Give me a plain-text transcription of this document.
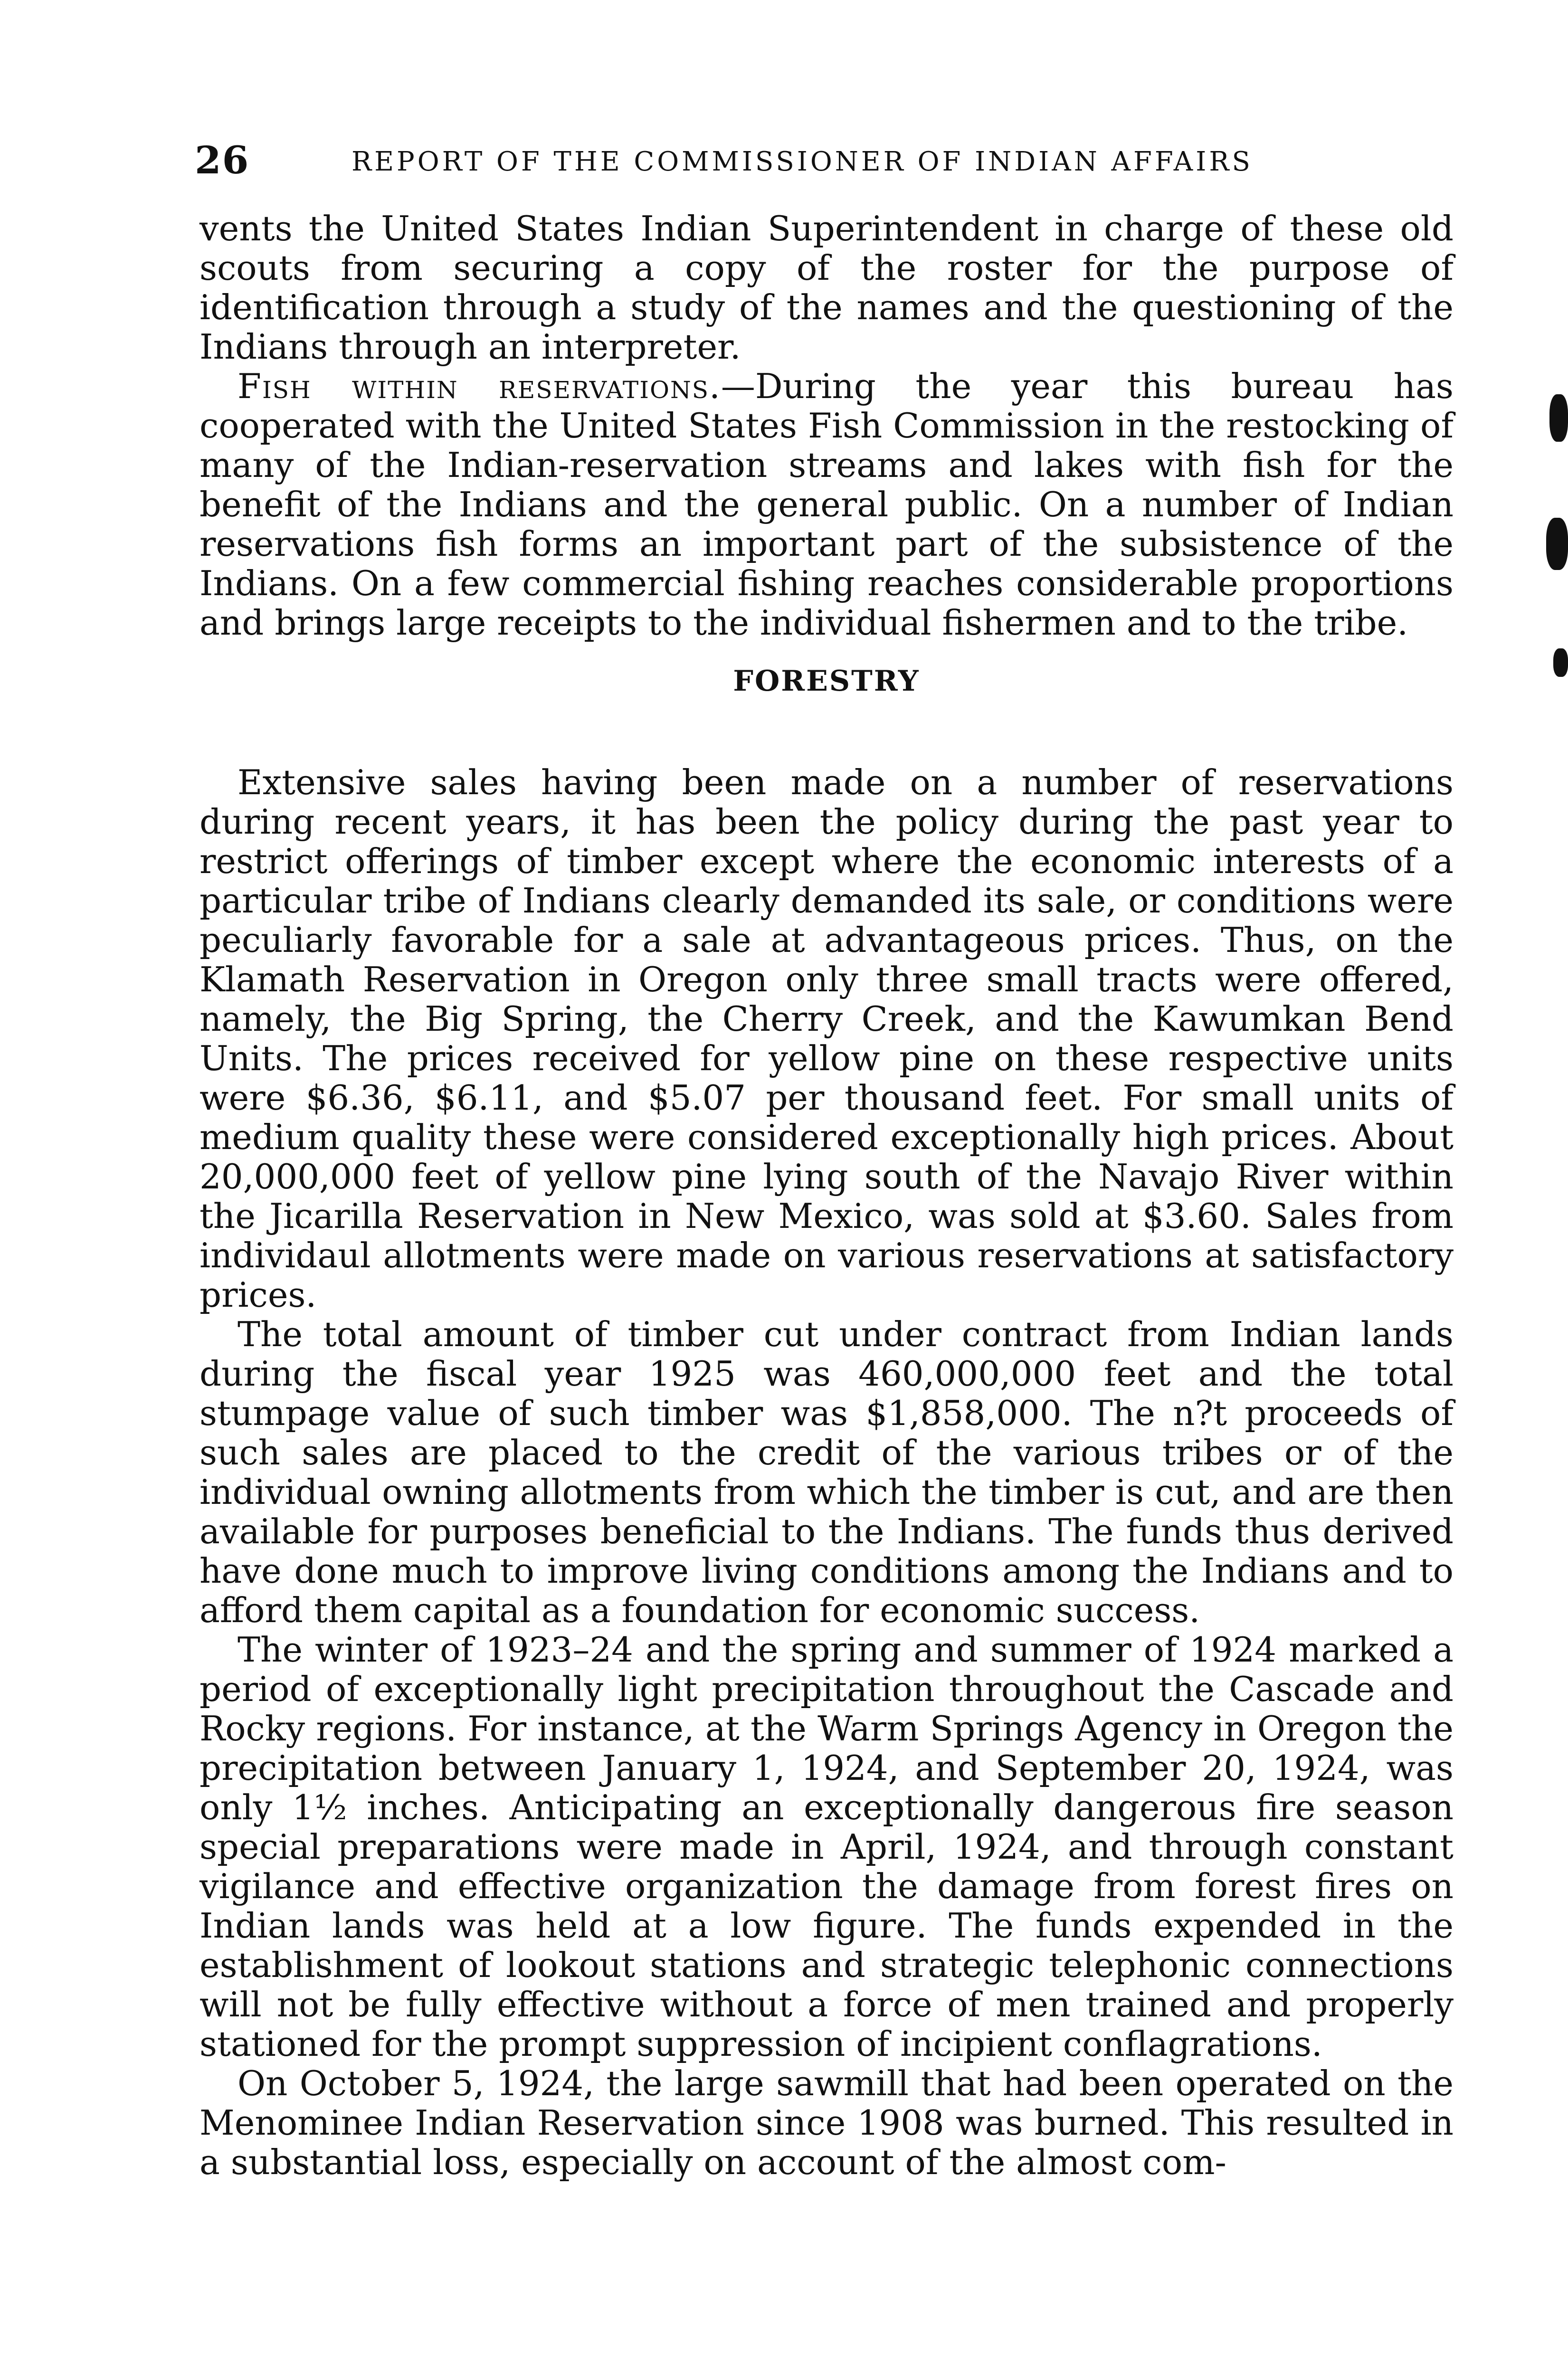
26	REPORT OF THE COMMISSIONER OF INDIAN AFFAIRS

vents the United States Indian Superintendent in charge of these old scouts from securing a copy of the roster for the purpose of identification through a study of the names and the questioning of the Indians through an interpreter.

Fish within reservations.—During the year this bureau has cooperated with the United States Fish Commission in the restocking of many of the Indian-reservation streams and lakes with fish for the benefit of the Indians and the general public. On a number of Indian reservations fish forms an important part of the subsistence of the Indians. On a few commercial fishing reaches considerable proportions and brings large receipts to the individual fishermen and to the tribe.

FORESTRY

Extensive sales having been made on a number of reservations during recent years, it has been the policy during the past year to restrict offerings of timber except where the economic interests of a particular tribe of Indians clearly demanded its sale, or conditions were peculiarly favorable for a sale at advantageous prices. Thus, on the Klamath Reservation in Oregon only three small tracts were offered, namely, the Big Spring, the Cherry Creek, and the Kawumkan Bend Units. The prices received for yellow pine on these respective units were $6.36, $6.11, and $5.07 per thousand feet. For small units of medium quality these were considered exceptionally high prices. About 20,000,000 feet of yellow pine lying south of the Navajo River within the Jicarilla Reservation in New Mexico, was sold at $3.60. Sales from individaul allotments were made on various reservations at satisfactory prices.

The total amount of timber cut under contract from Indian lands during the fiscal year 1925 was 460,000,000 feet and the total stumpage value of such timber was $1,858,000. The n?t proceeds of such sales are placed to the credit of the various tribes or of the individual owning allotments from which the timber is cut, and are then available for purposes beneficial to the Indians. The funds thus derived have done much to improve living conditions among the Indians and to afford them capital as a foundation for economic success.

The winter of 1923–24 and the spring and summer of 1924 marked a period of exceptionally light precipitation throughout the Cascade and Rocky regions. For instance, at the Warm Springs Agency in Oregon the precipitation between January 1, 1924, and September 20, 1924, was only 1½ inches. Anticipating an exceptionally dangerous fire season special preparations were made in April, 1924, and through constant vigilance and effective organization the damage from forest fires on Indian lands was held at a low figure. The funds expended in the establishment of lookout stations and strategic telephonic connections will not be fully effective without a force of men trained and properly stationed for the prompt suppression of incipient conflagrations.

On October 5, 1924, the large sawmill that had been operated on the Menominee Indian Reservation since 1908 was burned. This resulted in a substantial loss, especially on account of the almost com-
